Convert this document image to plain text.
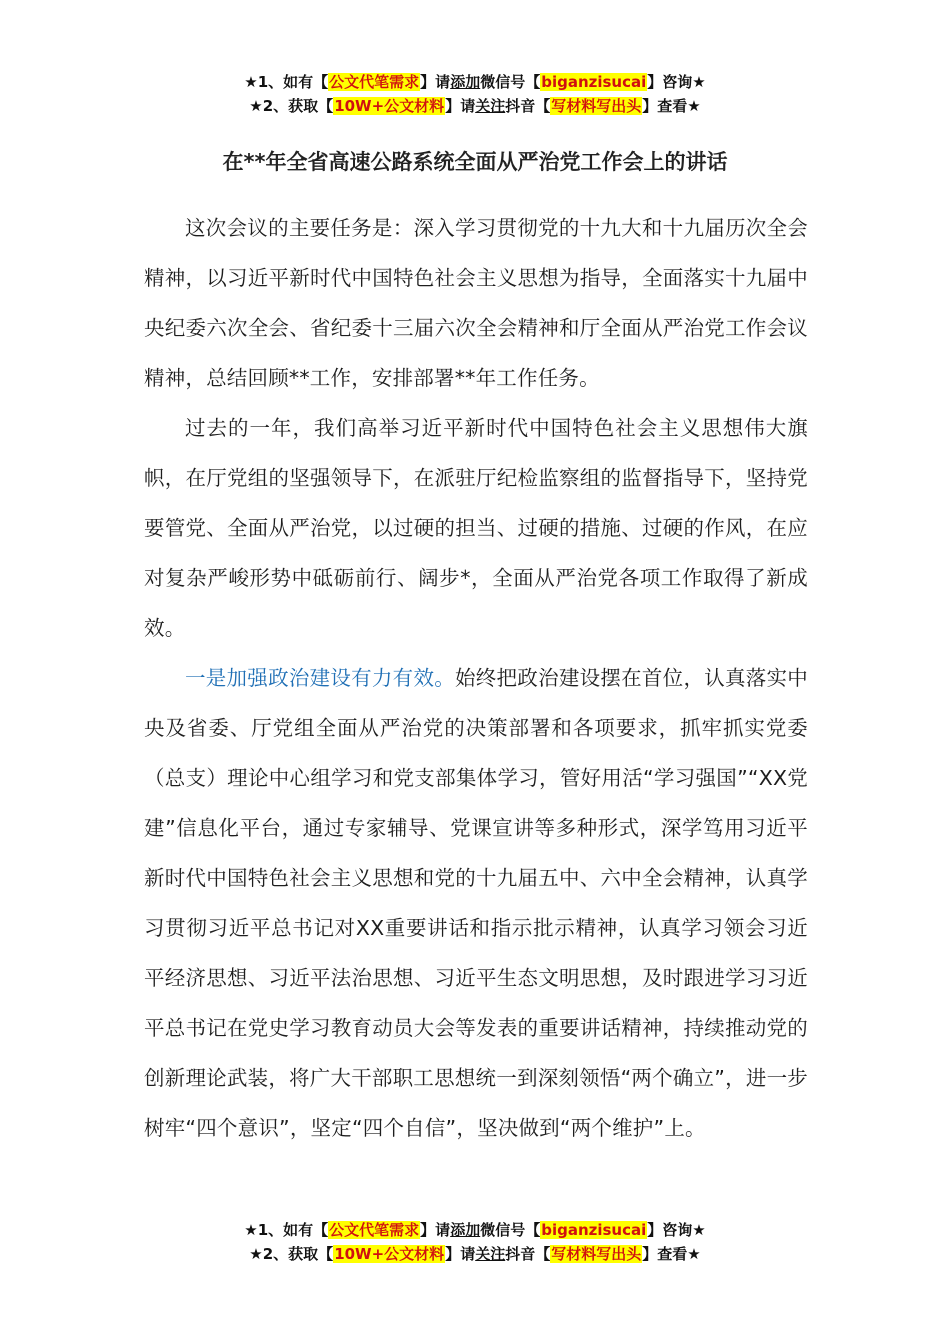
★1、如有【公文代笔需求】请添加微信号【biganzisucai】咨询★
★2、获取【10W+公文材料】请关注抖音【写材料写出头】查看★
在**年全省高速公路系统全面从严治党工作会上的讲话

这次会议的主要任务是：深入学习贯彻党的十九大和十九届历次全会精神，以习近平新时代中国特色社会主义思想为指导，全面落实十九届中央纪委六次全会、省纪委十三届六次全会精神和厅全面从严治党工作会议精神，总结回顾**工作，安排部署**年工作任务。

过去的一年，我们高举习近平新时代中国特色社会主义思想伟大旗帜，在厅党组的坚强领导下，在派驻厅纪检监察组的监督指导下，坚持党要管党、全面从严治党，以过硬的担当、过硬的措施、过硬的作风，在应对复杂严峻形势中砥砺前行、阔步*，全面从严治党各项工作取得了新成效。

一是加强政治建设有力有效。始终把政治建设摆在首位，认真落实中央及省委、厅党组全面从严治党的决策部署和各项要求，抓牢抓实党委（总支）理论中心组学习和党支部集体学习，管好用活“学习强国”“XX党建”信息化平台，通过专家辅导、党课宣讲等多种形式，深学笃用习近平新时代中国特色社会主义思想和党的十九届五中、六中全会精神，认真学习贯彻习近平总书记对XX重要讲话和指示批示精神，认真学习领会习近平经济思想、习近平法治思想、习近平生态文明思想，及时跟进学习习近平总书记在党史学习教育动员大会等发表的重要讲话精神，持续推动党的创新理论武装，将广大干部职工思想统一到深刻领悟“两个确立”，进一步树牢“四个意识”，坚定“四个自信”，坚决做到“两个维护”上。

★1、如有【公文代笔需求】请添加微信号【biganzisucai】咨询★
★2、获取【10W+公文材料】请关注抖音【写材料写出头】查看★
